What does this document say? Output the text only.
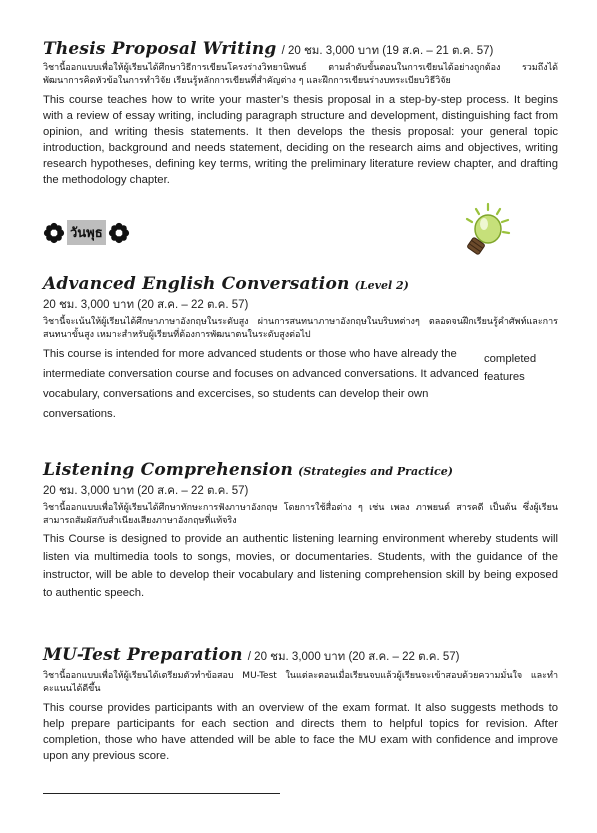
Thesis Proposal Writing / 20 ชม. 3,000 บาท (19 ส.ค. – 21 ต.ค. 57)
วิชานี้ออกแบบเพื่อให้ผู้เรียนได้ศึกษาวิธีการเขียนโครงร่างวิทยานิพนธ์ ตามลำดับขั้นตอนในการเขียนได้อย่างถูกต้อง รวมถึงได้พัฒนาการคิดหัวข้อในการทำวิจัย เรียนรู้หลักการเขียนที่สำคัญต่าง ๆ และฝึกการเขียนร่างบทระเบียบวิธีวิจัย
This course teaches how to write your master’s thesis proposal in a step-by-step process. It begins with a review of essay writing, including paragraph structure and development, distinguishing fact from opinion, and writing thesis statements. It then develops the thesis proposal: your general topic introduction, background and needs statement, deciding on the research aims and objectives, writing research hypotheses, defining key terms, writing the preliminary literature review chapter, and drafting the methodology chapter.
วันพุธ
Advanced English Conversation (Level 2)
20 ชม. 3,000 บาท (20 ส.ค. – 22 ต.ค. 57)
วิชานี้จะเน้นให้ผู้เรียนได้ศึกษาภาษาอังกฤษในระดับสูง ผ่านการสนทนาภาษาอังกฤษในบริบทต่างๆ ตลอดจนฝึกเรียนรู้คำศัพท์และการสนทนาขั้นสูง เหมาะสำหรับผู้เรียนที่ต้องการพัฒนาตนในระดับสูงต่อไป
This course is intended for more advanced students or those who have already the intermediate conversation course and focuses on advanced conversations. It advanced vocabulary, conversations and excercises, so students can develop their own conversations.
completed
features
Listening Comprehension (Strategies and Practice)
20 ชม. 3,000 บาท (20 ส.ค. – 22 ต.ค. 57)
วิชานี้ออกแบบเพื่อให้ผู้เรียนได้ศึกษาทักษะการฟังภาษาอังกฤษ โดยการใช้สื่อต่าง ๆ เช่น เพลง ภาพยนต์ สารคดี เป็นต้น ซึ่งผู้เรียนสามารถสัมผัสกับสำเนียงเสียงภาษาอังกฤษที่แท้จริง
This Course is designed to provide an authentic listening learning environment whereby students will listen via multimedia tools to songs, movies, or documentaries. Students, with the guidance of the instructor, will be able to develop their vocabulary and listening comprehension skill by being exposed to authentic speech.
MU-Test Preparation / 20 ชม. 3,000 บาท (20 ส.ค. – 22 ต.ค. 57)
วิชานี้ออกแบบเพื่อให้ผู้เรียนได้เตรียมตัวทำข้อสอบ MU-Test ในแต่ละตอนเมื่อเรียนจบแล้วผู้เรียนจะเข้าสอบด้วยความมั่นใจ และทำคะแนนได้ดีขึ้น
This course provides participants with an overview of the exam format. It also suggests methods to help prepare participants for each section and directs them to helpful topics for revision. After completion, those who have attended will be able to face the MU exam with confidence and improve upon any previous score.
